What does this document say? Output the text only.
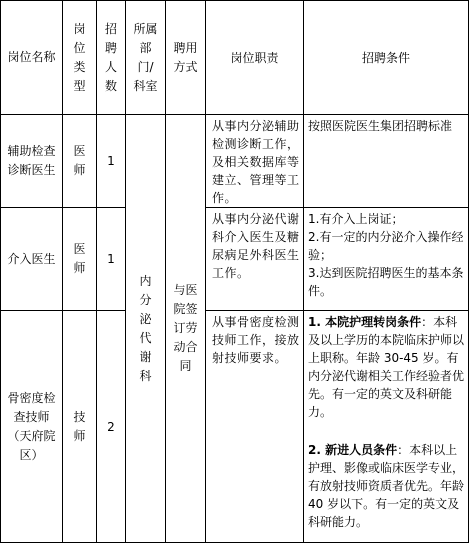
岗位名称	岗位类型	招聘人数	所属部门/科室	聘用方式	岗位职责	招聘条件
辅助检查诊断医生	医师	1	内分泌代谢科	与医院签订劳动合同	从事内分泌辅助检测诊断工作，及相关数据库等建立、管理等工作。	按照医院医生集团招聘标准
介入医生	医师	1			从事内分泌代谢科介入医生及糖尿病足外科医生工作。	1.有介入上岗证；

2.有一定的内分泌介入操作经验；

3.达到医院招聘医生的基本条件。

骨密度检查技师（天府院区）	技师	2			从事骨密度检测技师工作，接放射技师要求。	1. 本院护理转岗条件：本科及以上学历的本院临床护师以上职称。年龄 30-45 岁。有内分泌代谢相关工作经验者优先。有一定的英文及科研能力。

2. 新进人员条件：本科以上护理、影像或临床医学专业，有放射技师资质者优先。年龄 40 岁以下。有一定的英文及科研能力。
